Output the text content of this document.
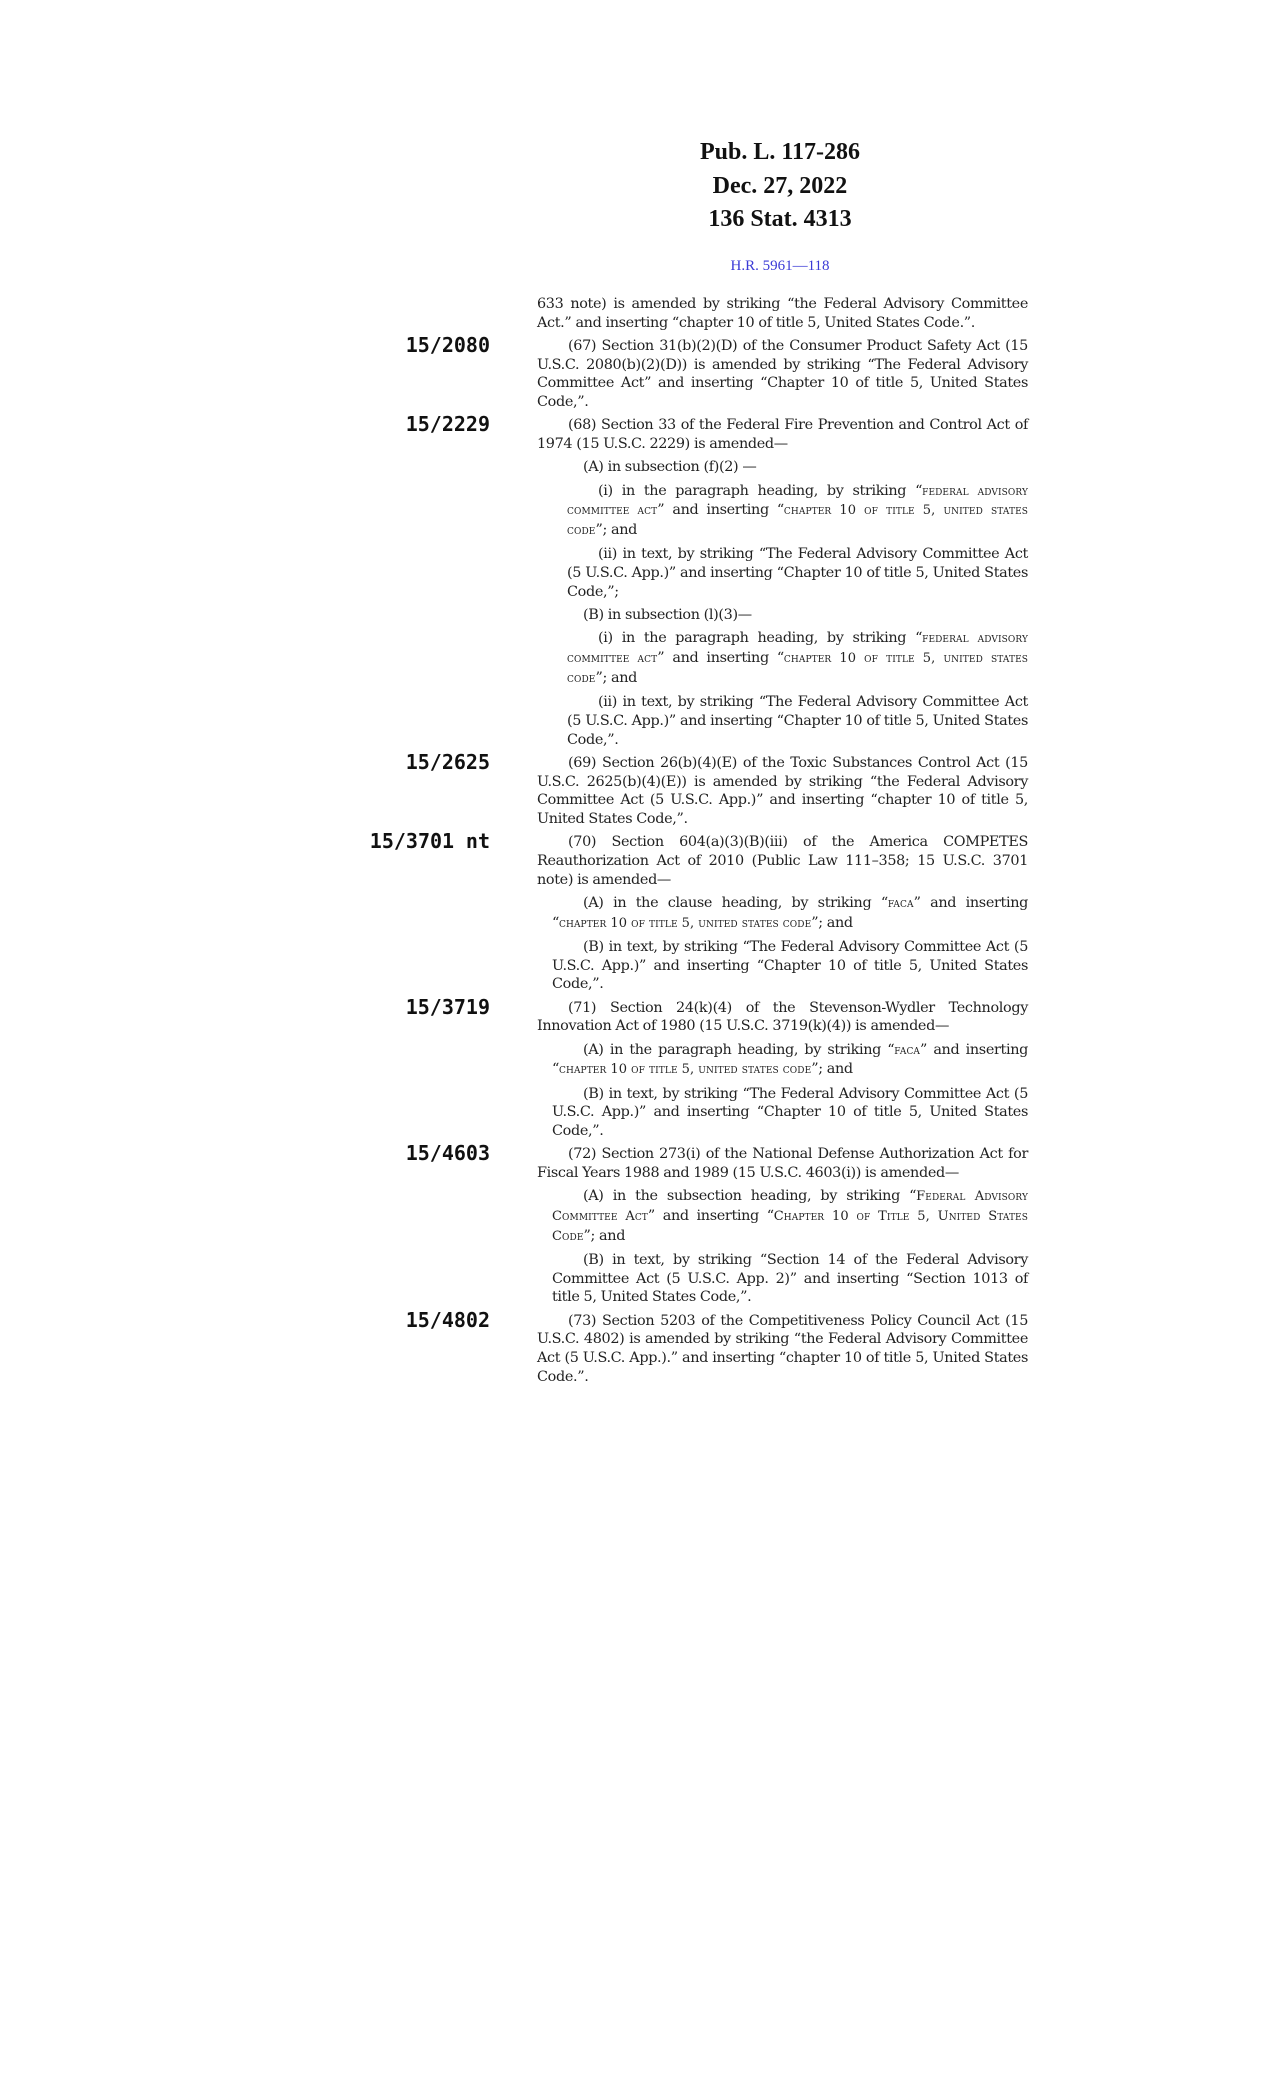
Pub. L. 117-286
Dec. 27, 2022
136 Stat. 4313
H.R. 5961—118
633 note) is amended by striking “the Federal Advisory Committee Act.” and inserting “chapter 10 of title 5, United States Code.”.
15/2080	(67) Section 31(b)(2)(D) of the Consumer Product Safety Act (15 U.S.C. 2080(b)(2)(D)) is amended by striking “The Federal Advisory Committee Act” and inserting “Chapter 10 of title 5, United States Code,”.
15/2229	(68) Section 33 of the Federal Fire Prevention and Control Act of 1974 (15 U.S.C. 2229) is amended—
(A) in subsection (f)(2) —
(i) in the paragraph heading, by striking “federal advisory committee act” and inserting “chapter 10 of title 5, united states code”; and
(ii) in text, by striking “The Federal Advisory Committee Act (5 U.S.C. App.)” and inserting “Chapter 10 of title 5, United States Code,”;
(B) in subsection (l)(3)—
(i) in the paragraph heading, by striking “federal advisory committee act” and inserting “chapter 10 of title 5, united states code”; and
(ii) in text, by striking “The Federal Advisory Committee Act (5 U.S.C. App.)” and inserting “Chapter 10 of title 5, United States Code,”.
15/2625	(69) Section 26(b)(4)(E) of the Toxic Substances Control Act (15 U.S.C. 2625(b)(4)(E)) is amended by striking “the Federal Advisory Committee Act (5 U.S.C. App.)” and inserting “chapter 10 of title 5, United States Code,”.
15/3701 nt	(70) Section 604(a)(3)(B)(iii) of the America COMPETES Reauthorization Act of 2010 (Public Law 111–358; 15 U.S.C. 3701 note) is amended—
(A) in the clause heading, by striking “faca” and inserting “chapter 10 of title 5, united states code”; and
(B) in text, by striking “The Federal Advisory Committee Act (5 U.S.C. App.)” and inserting “Chapter 10 of title 5, United States Code,”.
15/3719	(71) Section 24(k)(4) of the Stevenson-Wydler Technology Innovation Act of 1980 (15 U.S.C. 3719(k)(4)) is amended—
(A) in the paragraph heading, by striking “faca” and inserting “chapter 10 of title 5, united states code”; and
(B) in text, by striking “The Federal Advisory Committee Act (5 U.S.C. App.)” and inserting “Chapter 10 of title 5, United States Code,”.
15/4603	(72) Section 273(i) of the National Defense Authorization Act for Fiscal Years 1988 and 1989 (15 U.S.C. 4603(i)) is amended—
(A) in the subsection heading, by striking “Federal Advisory Committee Act” and inserting “Chapter 10 of Title 5, United States Code”; and
(B) in text, by striking “Section 14 of the Federal Advisory Committee Act (5 U.S.C. App. 2)” and inserting “Section 1013 of title 5, United States Code,”.
15/4802	(73) Section 5203 of the Competitiveness Policy Council Act (15 U.S.C. 4802) is amended by striking “the Federal Advisory Committee Act (5 U.S.C. App.).” and inserting “chapter 10 of title 5, United States Code.”.
